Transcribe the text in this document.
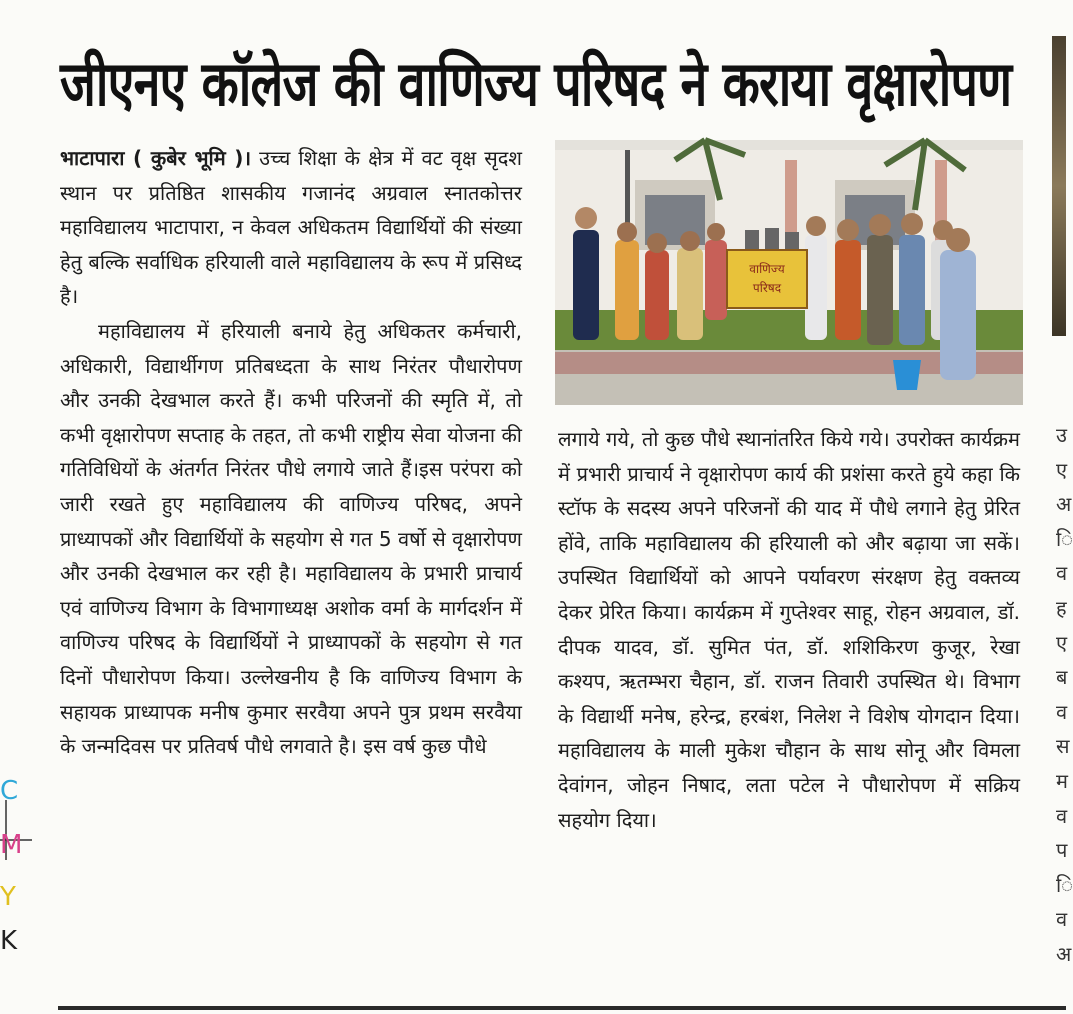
जीएनए कॉलेज की वाणिज्य परिषद ने कराया वृक्षारोपण

भाटापारा ( कुबेर भूमि )। उच्च शिक्षा के क्षेत्र में वट वृक्ष सृदश स्थान पर प्रतिष्ठित शासकीय गजानंद अग्रवाल स्नातकोत्तर महाविद्यालय भाटापारा, न केवल अधिकतम विद्यार्थियों की संख्या हेतु बल्कि सर्वाधिक हरियाली वाले महाविद्यालय के रूप में प्रसिध्द है।

महाविद्यालय में हरियाली बनाये हेतु अधिकतर कर्मचारी, अधिकारी, विद्यार्थीगण प्रतिबध्दता के साथ निरंतर पौधारोपण और उनकी देखभाल करते हैं। कभी परिजनों की स्मृति में, तो कभी वृक्षारोपण सप्ताह के तहत, तो कभी राष्ट्रीय सेवा योजना की गतिविधियों के अंतर्गत निरंतर पौधे लगाये जाते हैं।इस परंपरा को जारी रखते हुए महाविद्यालय की वाणिज्य परिषद, अपने प्राध्यापकों और विद्यार्थियों के सहयोग से गत 5 वर्षो से वृक्षारोपण और उनकी देखभाल कर रही है। महाविद्यालय के प्रभारी प्राचार्य एवं वाणिज्य विभाग के विभागाध्यक्ष अशोक वर्मा के मार्गदर्शन में वाणिज्य परिषद के विद्यार्थियों ने प्राध्यापकों के सहयोग से गत दिनों पौधारोपण किया। उल्लेखनीय है कि वाणिज्य विभाग के सहायक प्राध्यापक मनीष कुमार सरवैया अपने पुत्र प्रथम सरवैया के जन्मदिवस पर प्रतिवर्ष पौधे लगवाते है। इस वर्ष कुछ पौधे

वाणिज्य
परिषद

लगाये गये, तो कुछ पौधे स्थानांतरित किये गये। उपरोक्त कार्यक्रम में प्रभारी प्राचार्य ने वृक्षारोपण कार्य की प्रशंसा करते हुये कहा कि स्टॉफ के सदस्य अपने परिजनों की याद में पौधे लगाने हेतु प्रेरित होंवे, ताकि महाविद्यालय की हरियाली को और बढ़ाया जा सकें। उपस्थित विद्यार्थियों को आपने पर्यावरण संरक्षण हेतु वक्तव्य देकर प्रेरित किया। कार्यक्रम में गुप्तेश्वर साहू, रोहन अग्रवाल, डॉ. दीपक यादव, डॉ. सुमित पंत, डॉ. शशिकिरण कुजूर, रेखा कश्यप, ऋतम्भरा चैहान, डॉ. राजन तिवारी उपस्थित थे। विभाग के विद्यार्थी मनेष, हरेन्द्र, हरबंश, निलेश ने विशेष योगदान दिया। महाविद्यालय के माली मुकेश चौहान के साथ सोनू और विमला देवांगन, जोहन निषाद, लता पटेल ने पौधारोपण में सक्रिय सहयोग दिया।

उ
ए
अ
ि
व
ह
ए
ब
व
स
म
व
प
ि
व
अ
C
M
Y
K
